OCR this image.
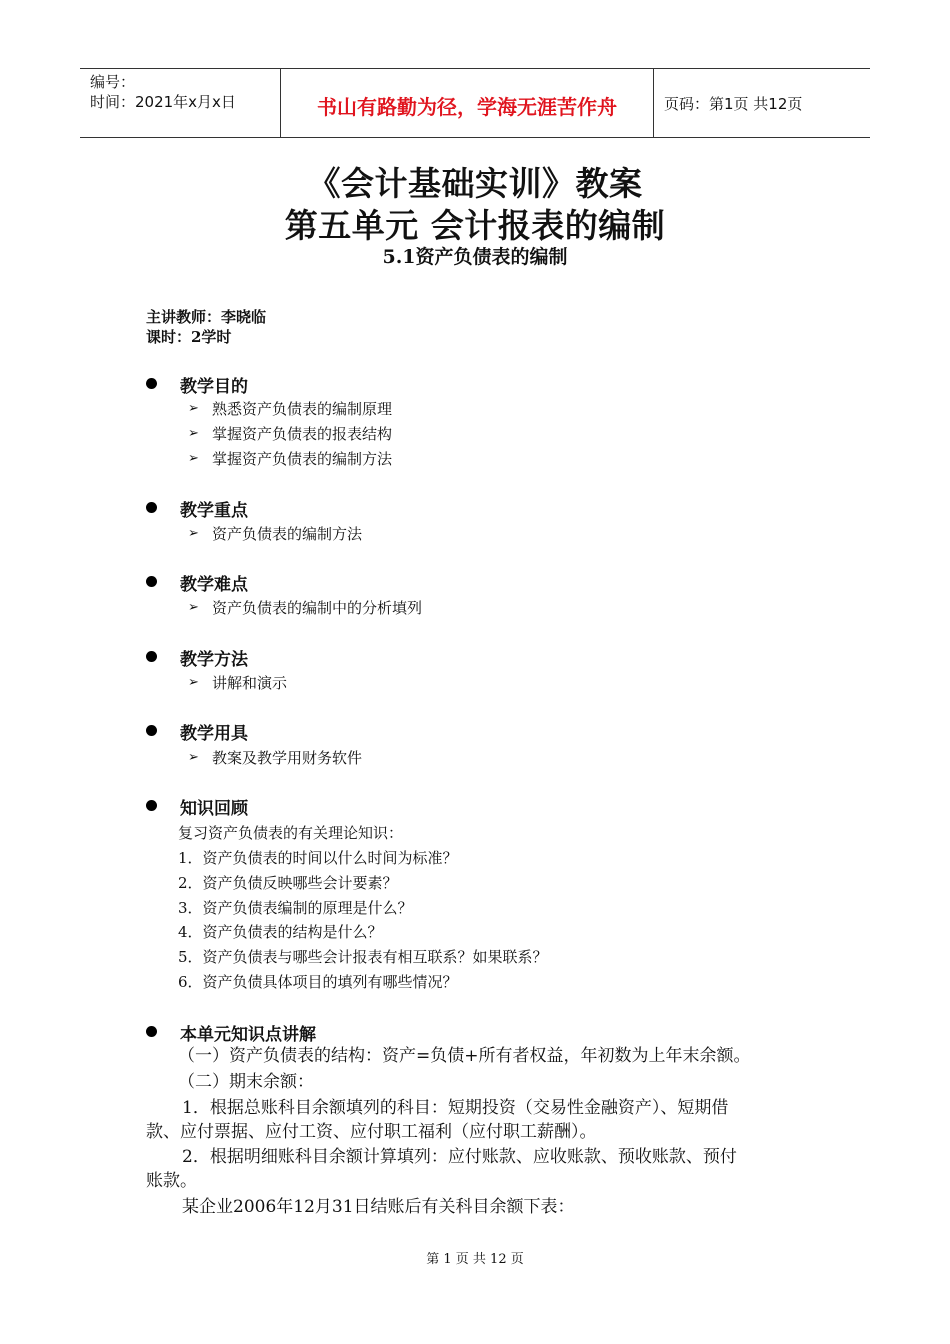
编号：
时间：2021年x月x日	书山有路勤为径，学海无涯苦作舟	页码：第1页 共12页
《会计基础实训》教案
第五单元 会计报表的编制
5.1资产负债表的编制
主讲教师：李晓临
课时：2学时
教学目的
➢ 熟悉资产负债表的编制原理
➢ 掌握资产负债表的报表结构
➢ 掌握资产负债表的编制方法
教学重点
➢ 资产负债表的编制方法
教学难点
➢ 资产负债表的编制中的分析填列
教学方法
➢ 讲解和演示
教学用具
➢ 教案及教学用财务软件
知识回顾
复习资产负债表的有关理论知识：
1．资产负债表的时间以什么时间为标准？
2．资产负债反映哪些会计要素？
3．资产负债表编制的原理是什么？
4．资产负债表的结构是什么？
5．资产负债表与哪些会计报表有相互联系？如果联系？
6．资产负债具体项目的填列有哪些情况？
本单元知识点讲解
（一）资产负债表的结构：资产=负债+所有者权益，年初数为上年末余额。
（二）期末余额：
1．根据总账科目余额填列的科目：短期投资（交易性金融资产）、短期借
款、应付票据、应付工资、应付职工福利（应付职工薪酬）。
2．根据明细账科目余额计算填列：应付账款、应收账款、预收账款、预付
账款。
某企业2006年12月31日结账后有关科目余额下表：
第 1 页 共 12 页
